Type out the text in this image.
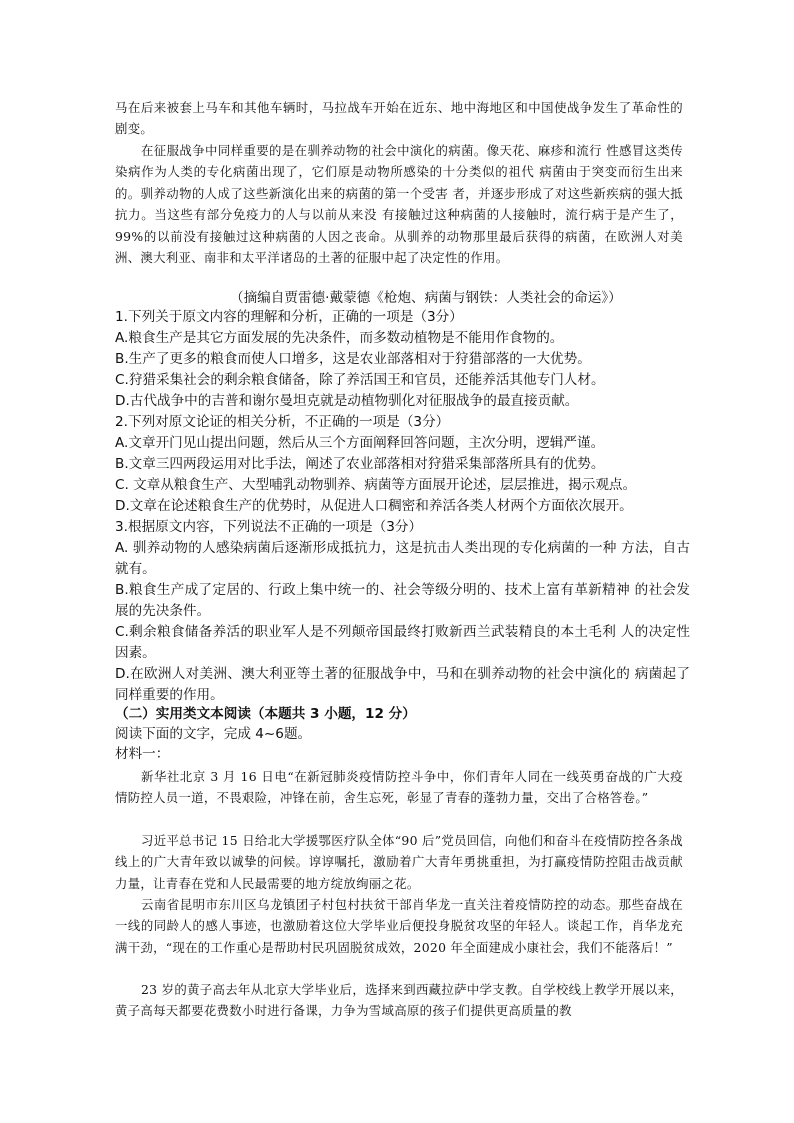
马在后来被套上马车和其他车辆时，马拉战车开始在近东、地中海地区和中国使战争发生了革命性的剧变。

在征服战争中同样重要的是在驯养动物的社会中演化的病菌。像天花、麻疹和流行 性感冒这类传染病作为人类的专化病菌出现了，它们原是动物所感染的十分类似的祖代 病菌由于突变而衍生出来的。驯养动物的人成了这些新演化出来的病菌的第一个受害 者，并逐步形成了对这些新疾病的强大抵抗力。当这些有部分免疫力的人与以前从来没 有接触过这种病菌的人接触时，流行病于是产生了，99%的以前没有接触过这种病菌的人因之丧命。从驯养的动物那里最后获得的病菌，在欧洲人对美洲、澳大利亚、南非和太平洋诸岛的土著的征服中起了决定性的作用。

（摘编自贾雷德·戴蒙德《枪炮、病菌与钢铁：人类社会的命运》）

1.下列关于原文内容的理解和分析，正确的一项是（3分）

A.粮食生产是其它方面发展的先决条件，而多数动植物是不能用作食物的。

B.生产了更多的粮食而使人口增多，这是农业部落相对于狩猎部落的一大优势。

C.狩猎采集社会的剩余粮食储备，除了养活国王和官员，还能养活其他专门人材。

D.古代战争中的吉普和谢尔曼坦克就是动植物驯化对征服战争的最直接贡献。

2.下列对原文论证的相关分析，不正确的一项是（3分）

A.文章开门见山提出问题，然后从三个方面阐释回答问题，主次分明，逻辑严谨。

B.文章三四两段运用对比手法，阐述了农业部落相对狩猎采集部落所具有的优势。

C. 文章从粮食生产、大型哺乳动物驯养、病菌等方面展开论述，层层推进，揭示观点。

D.文章在论述粮食生产的优势时，从促进人口稠密和养活各类人材两个方面依次展开。

3.根据原文内容，下列说法不正确的一项是（3分）

A. 驯养动物的人感染病菌后逐渐形成抵抗力，这是抗击人类出现的专化病菌的一种 方法，自古就有。

B.粮食生产成了定居的、行政上集中统一的、社会等级分明的、技术上富有革新精神 的社会发展的先决条件。

C.剩余粮食储备养活的职业军人是不列颠帝国最终打败新西兰武装精良的本土毛利 人的决定性因素。

D.在欧洲人对美洲、澳大利亚等土著的征服战争中，马和在驯养动物的社会中演化的 病菌起了同样重要的作用。

（二）实用类文本阅读（本题共 3 小题，12 分）

阅读下面的文字，完成 4~6题。

材料一：

新华社北京 3 月 16 日电“在新冠肺炎疫情防控斗争中，你们青年人同在一线英勇奋战的广大疫情防控人员一道，不畏艰险，冲锋在前，舍生忘死，彰显了青春的蓬勃力量，交出了合格答卷。”

习近平总书记 15 日给北大学援鄂医疗队全体“90 后”党员回信，向他们和奋斗在疫情防控各条战线上的广大青年致以诚挚的问候。谆谆嘱托，激励着广大青年勇挑重担，为打赢疫情防控阻击战贡献力量，让青春在党和人民最需要的地方绽放绚丽之花。

云南省昆明市东川区乌龙镇团子村包村扶贫干部肖华龙一直关注着疫情防控的动态。那些奋战在一线的同龄人的感人事迹，也激励着这位大学毕业后便投身脱贫攻坚的年轻人。谈起工作，肖华龙充满干劲，“现在的工作重心是帮助村民巩固脱贫成效，2020 年全面建成小康社会，我们不能落后！”

23 岁的黄子高去年从北京大学毕业后，选择来到西藏拉萨中学支教。自学校线上教学开展以来，黄子高每天都要花费数小时进行备课，力争为雪域高原的孩子们提供更高质量的教
